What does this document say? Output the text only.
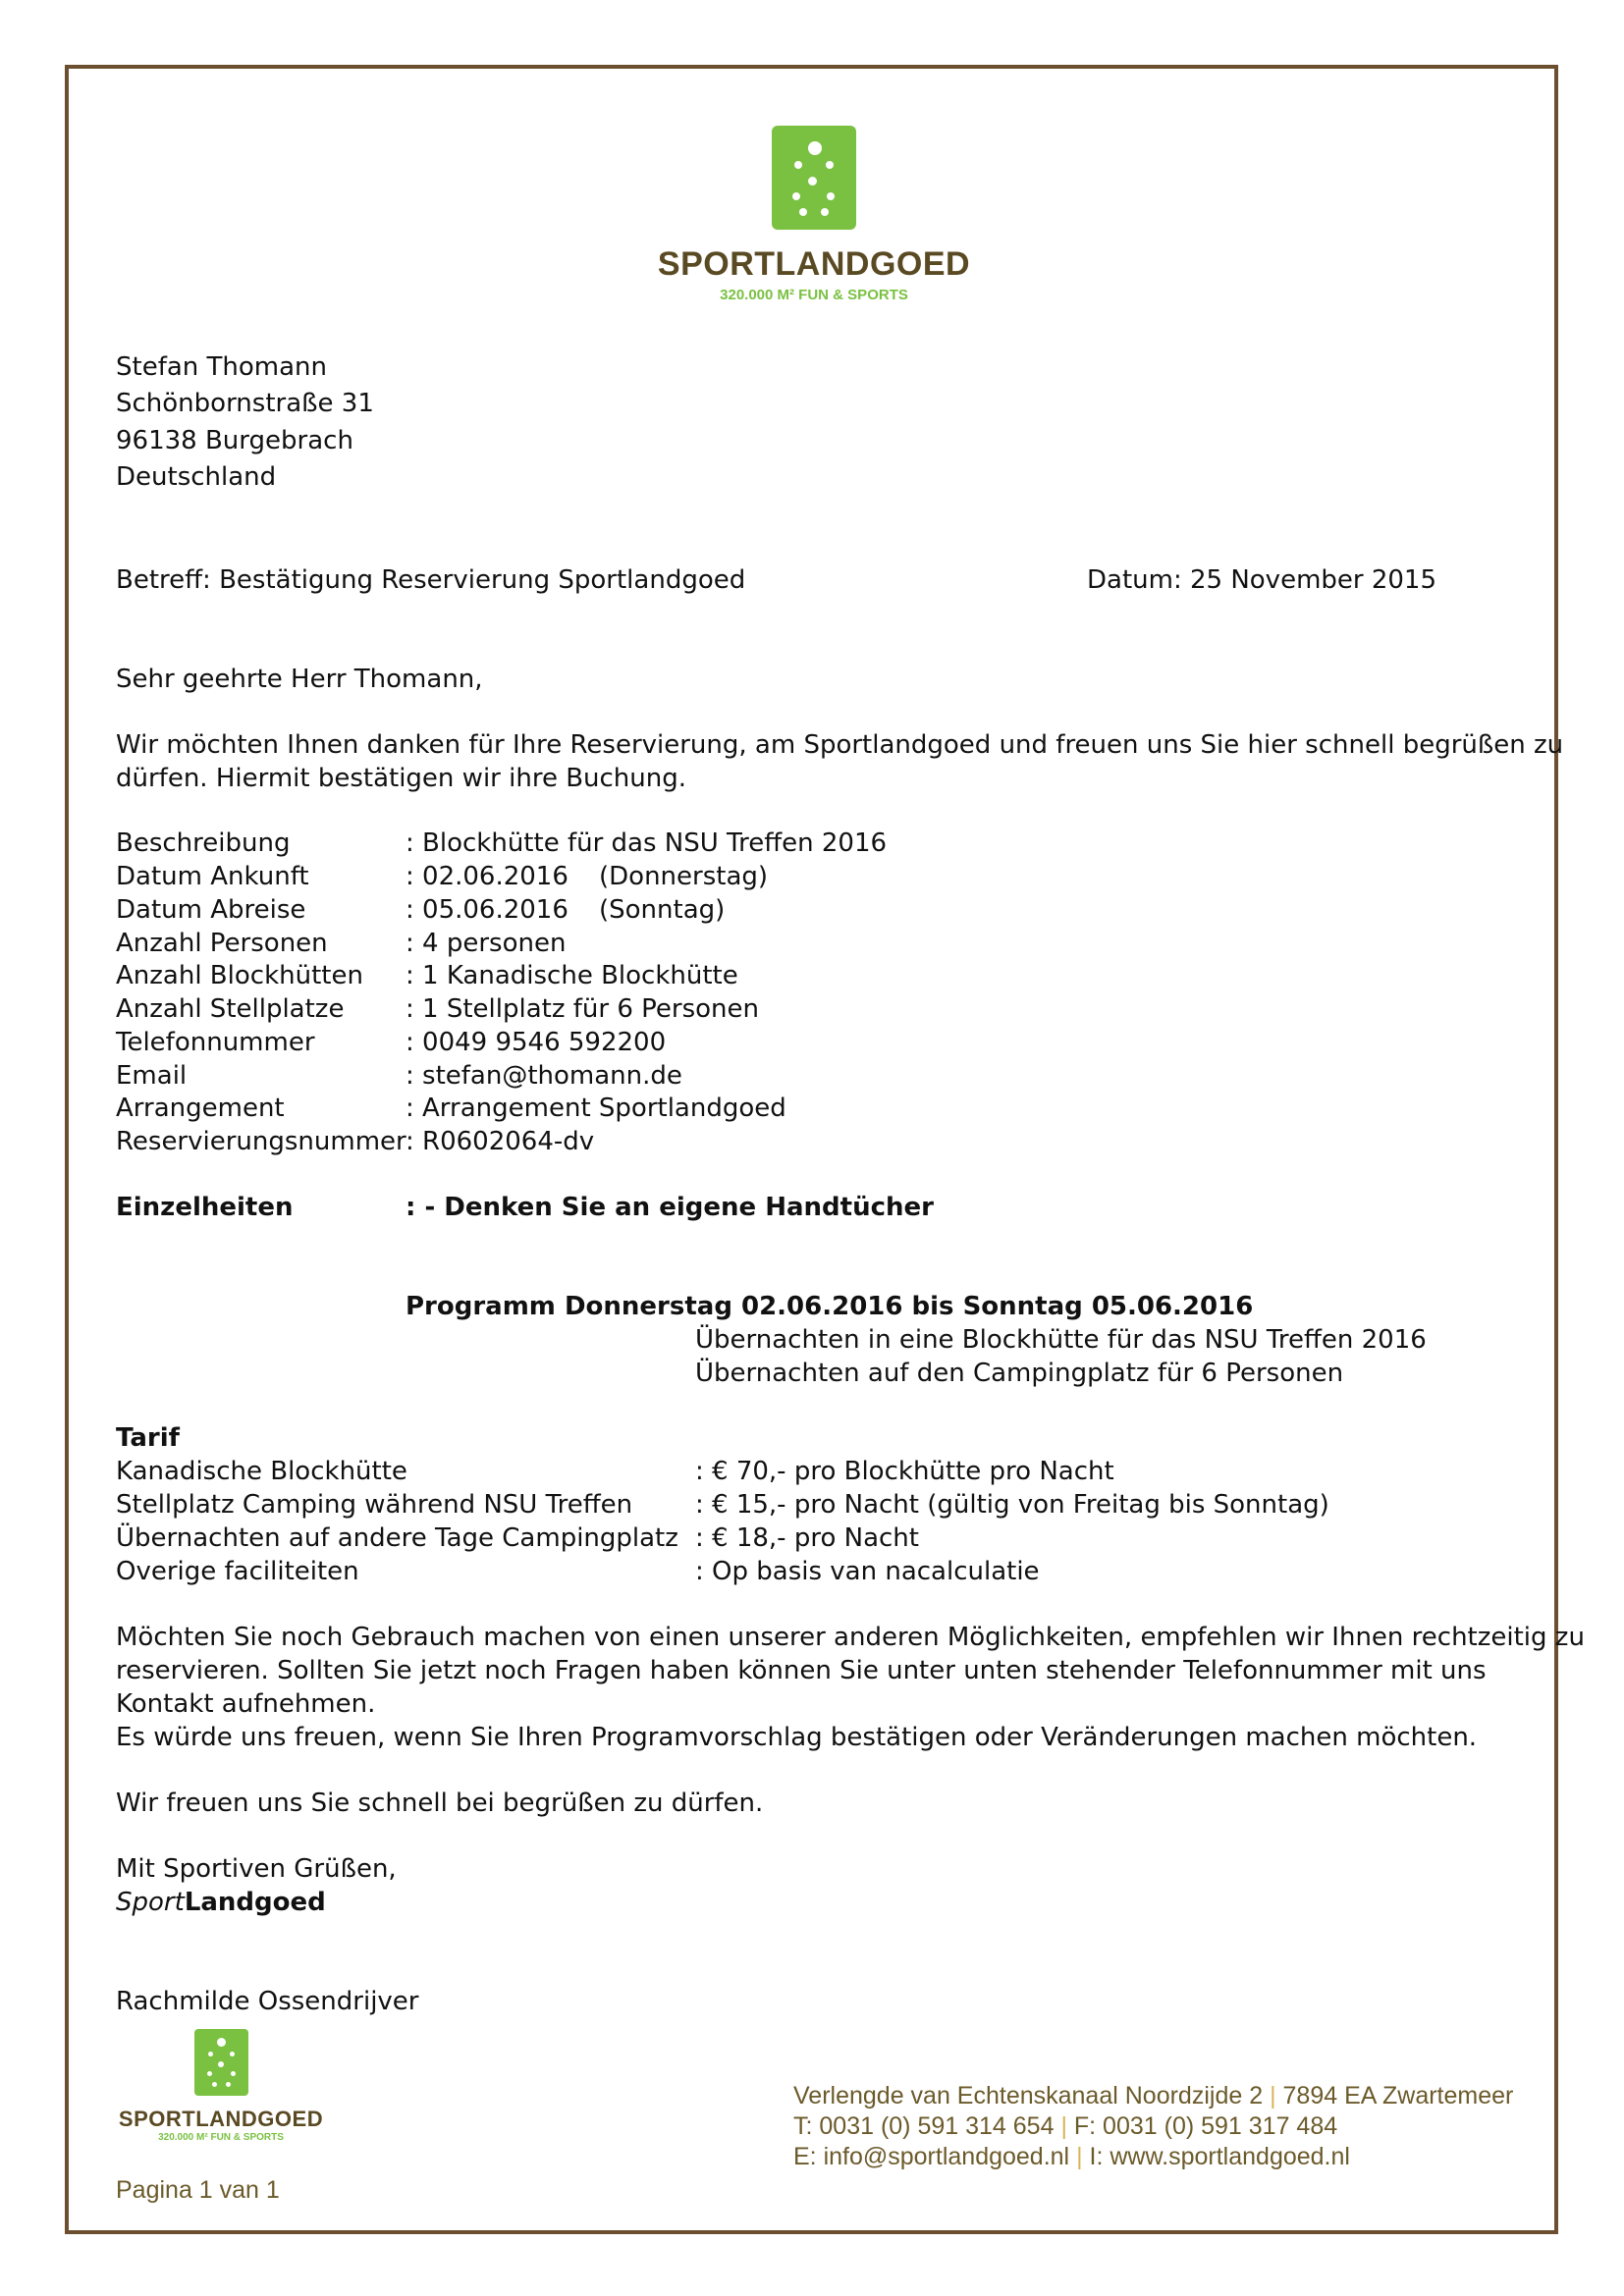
SPORTLANDGOED
320.000 M² FUN & SPORTS
Stefan Thomann
Schönbornstraße 31
96138 Burgebrach
Deutschland
Betreff: Bestätigung Reservierung Sportlandgoed	Datum: 25 November 2015
Sehr geehrte Herr Thomann,
Wir möchten Ihnen danken für Ihre Reservierung, am Sportlandgoed und freuen uns Sie hier schnell begrüßen zu
dürfen. Hiermit bestätigen wir ihre Buchung.
Beschreibung	: Blockhütte für das NSU Treffen 2016
Datum Ankunft	: 02.06.2016 (Donnerstag)
Datum Abreise	: 05.06.2016 (Sonntag)
Anzahl Personen	: 4 personen
Anzahl Blockhütten : 1 Kanadische Blockhütte
Anzahl Stellplatze : 1 Stellplatz für 6 Personen
Telefonnummer	: 0049 9546 592200
Email	: stefan@thomann.de
Arrangement	: Arrangement Sportlandgoed
Reservierungsnummer : R0602064-dv
Einzelheiten	: - Denken Sie an eigene Handtücher
Programm Donnerstag 02.06.2016 bis Sonntag 05.06.2016
Übernachten in eine Blockhütte für das NSU Treffen 2016
Übernachten auf den Campingplatz für 6 Personen
Tarif
Kanadische Blockhütte	: € 70,- pro Blockhütte pro Nacht
Stellplatz Camping während NSU Treffen : € 15,- pro Nacht (gültig von Freitag bis Sonntag)
Übernachten auf andere Tage Campingplatz : € 18,- pro Nacht
Overige faciliteiten	: Op basis van nacalculatie
Möchten Sie noch Gebrauch machen von einen unserer anderen Möglichkeiten, empfehlen wir Ihnen rechtzeitig zu
reservieren. Sollten Sie jetzt noch Fragen haben können Sie unter unten stehender Telefonnummer mit uns
Kontakt aufnehmen.
Es würde uns freuen, wenn Sie Ihren Programvorschlag bestätigen oder Veränderungen machen möchten.
Wir freuen uns Sie schnell bei begrüßen zu dürfen.
Mit Sportiven Grüßen,
SportLandgoed
Rachmilde Ossendrijver
SPORTLANDGOED
320.000 M² FUN & SPORTS
Pagina 1 van 1
Verlengde van Echtenskanaal Noordzijde 2 | 7894 EA Zwartemeer
T: 0031 (0) 591 314 654 | F: 0031 (0) 591 317 484
E: info@sportlandgoed.nl | I: www.sportlandgoed.nl
